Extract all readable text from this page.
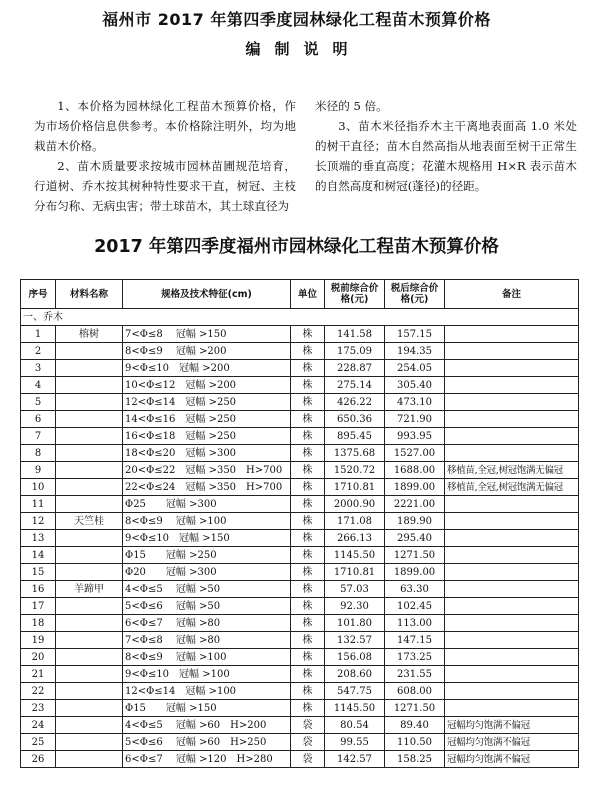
福州市 2017 年第四季度园林绿化工程苗木预算价格
编制说明

1、本价格为园林绿化工程苗木预算价格，作为市场价格信息供参考。本价格除注明外，均为地栽苗木价格。

2、苗木质量要求按城市园林苗圃规范培育，行道树、乔木按其树种特性要求干直，树冠、主枝分布匀称、无病虫害；带土球苗木，其土球直径为

米径的 5 倍。

3、苗木米径指乔木主干离地表面高 1.0 米处的树干直径；苗木自然高指从地表面至树干正常生长顶端的垂直高度；花灌木规格用 H×R 表示苗木的自然高度和树冠(蓬径)的径距。

2017 年第四季度福州市园林绿化工程苗木预算价格
序号	材料名称	规格及技术特征(cm)	单位	税前综合价格(元)	税后综合价格(元)	备注
一、乔木						
1	榕树	7<Φ≤8　 冠幅 >150	株	141.58	157.15	
2		8<Φ≤9　 冠幅 >200	株	175.09	194.35	
3		9<Φ≤10　冠幅 >200	株	228.87	254.05	
4		10<Φ≤12　冠幅 >200	株	275.14	305.40	
5		12<Φ≤14　冠幅 >250	株	426.22	473.10	
6		14<Φ≤16　冠幅 >250	株	650.36	721.90	
7		16<Φ≤18　冠幅 >250	株	895.45	993.95	
8		18<Φ≤20　冠幅 >300	株	1375.68	1527.00	
9		20<Φ≤22　冠幅 >350　H>700	株	1520.72	1688.00	移植苗,全冠,树冠饱满无偏冠
10		22<Φ≤24　冠幅 >350　H>700	株	1710.81	1899.00	移植苗,全冠,树冠饱满无偏冠
11		Φ25　　冠幅 >300	株	2000.90	2221.00	
12	天竺桂	8<Φ≤9　 冠幅 >100	株	171.08	189.90	
13		9<Φ≤10　冠幅 >150	株	266.13	295.40	
14		Φ15　　冠幅 >250	株	1145.50	1271.50	
15		Φ20　　冠幅 >300	株	1710.81	1899.00	
16	羊蹄甲	4<Φ≤5　 冠幅 >50	株	57.03	63.30	
17		5<Φ≤6　 冠幅 >50	株	92.30	102.45	
18		6<Φ≤7　 冠幅 >80	株	101.80	113.00	
19		7<Φ≤8　 冠幅 >80	株	132.57	147.15	
20		8<Φ≤9　 冠幅 >100	株	156.08	173.25	
21		9<Φ≤10　冠幅 >100	株	208.60	231.55	
22		12<Φ≤14　冠幅 >100	株	547.75	608.00	
23		Φ15　　冠幅 >150	株	1145.50	1271.50	
24		4<Φ≤5　 冠幅 >60　H>200	袋	80.54	89.40	冠幅均匀饱满不偏冠
25		5<Φ≤6　 冠幅 >60　H>250	袋	99.55	110.50	冠幅均匀饱满不偏冠
26		6<Φ≤7　 冠幅 >120　H>280	袋	142.57	158.25	冠幅均匀饱满不偏冠
